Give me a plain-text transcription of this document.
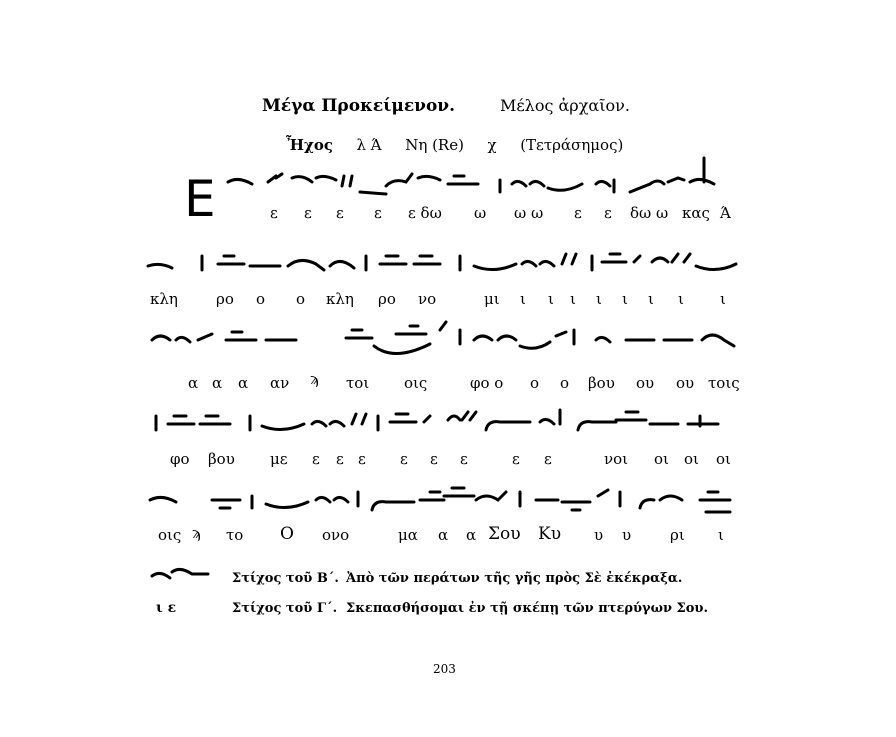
Μέγα Προκείμενον.	Μέλος ἀρχαῖον.
Ἦχος λ Ά Νη (Re) χ (Τετράσημος)
Ε	ε ε ε ε ε δω ω ω ω ε ε δω ω κας Ά
κλη	ρο ο ο κλη ρο νο	μι ι ι ι ι ι ι ι ι
α α α αν ϡ τοι οις	φο ο ο ο βου ου ου τοις
φο βου με ε ε ε ε ε ε	ε ε	νοι οι οι οι
οις ϡ το Ο ονο	μα α α Σου Κυ υ υ	ρι ι
Στίχος τοῦ Β΄. Ἀπὸ τῶν περάτων τῆς γῆς πρὸς Σὲ ἐκέκραξα.
ι ε	Στίχος τοῦ Γ΄. Σκεπασθήσομαι ἐν τῇ σκέπῃ τῶν πτερύγων Σου.
203
